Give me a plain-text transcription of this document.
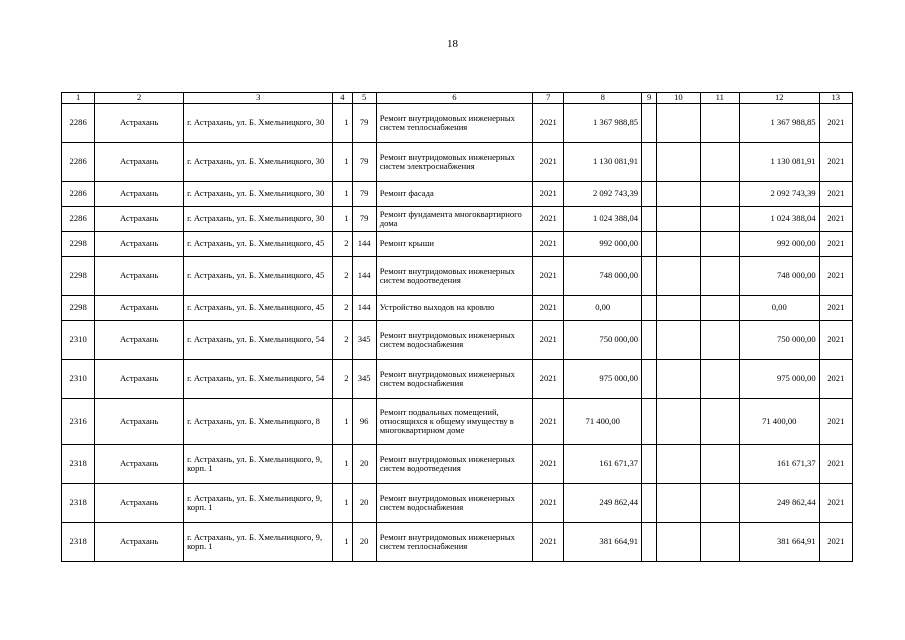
18
1	2	3	4	5	6	7	8	9	10	11	12	13
2286	Астрахань	г. Астрахань, ул. Б. Хмельницкого, 30	1	79	Ремонт внутридомовых инженерных систем теплоснабжения	2021	1 367 988,85				1 367 988,85	2021
2286	Астрахань	г. Астрахань, ул. Б. Хмельницкого, 30	1	79	Ремонт внутридомовых инженерных систем электроснабжения	2021	1 130 081,91				1 130 081,91	2021
2286	Астрахань	г. Астрахань, ул. Б. Хмельницкого, 30	1	79	Ремонт фасада	2021	2 092 743,39				2 092 743,39	2021
2286	Астрахань	г. Астрахань, ул. Б. Хмельницкого, 30	1	79	Ремонт фундамента многоквартирного дома	2021	1 024 388,04				1 024 388,04	2021
2298	Астрахань	г. Астрахань, ул. Б. Хмельницкого, 45	2	144	Ремонт крыши	2021	992 000,00				992 000,00	2021
2298	Астрахань	г. Астрахань, ул. Б. Хмельницкого, 45	2	144	Ремонт внутридомовых инженерных систем водоотведения	2021	748 000,00				748 000,00	2021
2298	Астрахань	г. Астрахань, ул. Б. Хмельницкого, 45	2	144	Устройство выходов на кровлю	2021	0,00				0,00	2021
2310	Астрахань	г. Астрахань, ул. Б. Хмельницкого, 54	2	345	Ремонт внутридомовых инженерных систем водоснабжения	2021	750 000,00				750 000,00	2021
2310	Астрахань	г. Астрахань, ул. Б. Хмельницкого, 54	2	345	Ремонт внутридомовых инженерных систем водоснабжения	2021	975 000,00				975 000,00	2021
2316	Астрахань	г. Астрахань, ул. Б. Хмельницкого, 8	1	96	Ремонт подвальных помещений, относящихся к общему имуществу в многоквартирном доме	2021	71 400,00				71 400,00	2021
2318	Астрахань	г. Астрахань, ул. Б. Хмельницкого, 9, корп. 1	1	20	Ремонт внутридомовых инженерных систем водоотведения	2021	161 671,37				161 671,37	2021
2318	Астрахань	г. Астрахань, ул. Б. Хмельницкого, 9, корп. 1	1	20	Ремонт внутридомовых инженерных систем водоснабжения	2021	249 862,44				249 862,44	2021
2318	Астрахань	г. Астрахань, ул. Б. Хмельницкого, 9, корп. 1	1	20	Ремонт внутридомовых инженерных систем теплоснабжения	2021	381 664,91				381 664,91	2021
